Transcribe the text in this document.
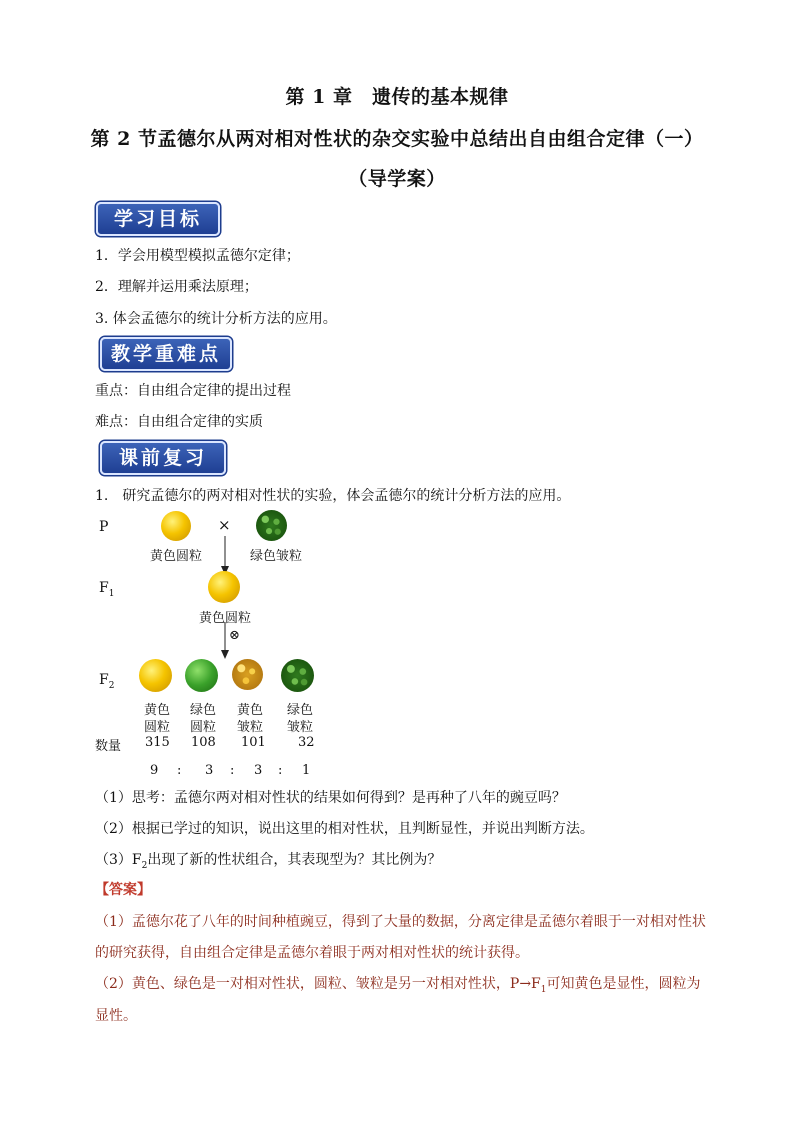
第 1 章　遗传的基本规律
第 2 节孟德尔从两对相对性状的杂交实验中总结出自由组合定律（一）
（导学案）
学习目标
1．学会用模型模拟孟德尔定律；
2．理解并运用乘法原理；
3. 体会孟德尔的统计分析方法的应用。
教学重难点
重点：自由组合定律的提出过程
难点：自由组合定律的实质
课前复习
1.　研究孟德尔的两对相对性状的实验，体会孟德尔的统计分析方法的应用。
P	×
黄色圆粒	绿色皱粒
$F_1$
黄色圆粒
⊗
$F_2$
黄色 绿色 黄色 绿色
圆粒 圆粒 皱粒 皱粒
数量 315 108 101 32
9 : 3 : 3 : 1
（1）思考：孟德尔两对相对性状的结果如何得到？是再种了八年的豌豆吗？
（2）根据已学过的知识，说出这里的相对性状，且判断显性，并说出判断方法。
$(3)F_2$出现了新的性状组合，其表现型为？其比例为？
【答案】
（1）孟德尔花了八年的时间种植豌豆，得到了大量的数据，分离定律是孟德尔着眼于一对相对性状
的研究获得，自由组合定律是孟德尔着眼于两对相对性状的统计获得。
（2）黄色、绿色是一对相对性状，圆粒、皱粒是另一对相对性状，$P\to F_1$可知黄色是显性，圆粒为
显性。
